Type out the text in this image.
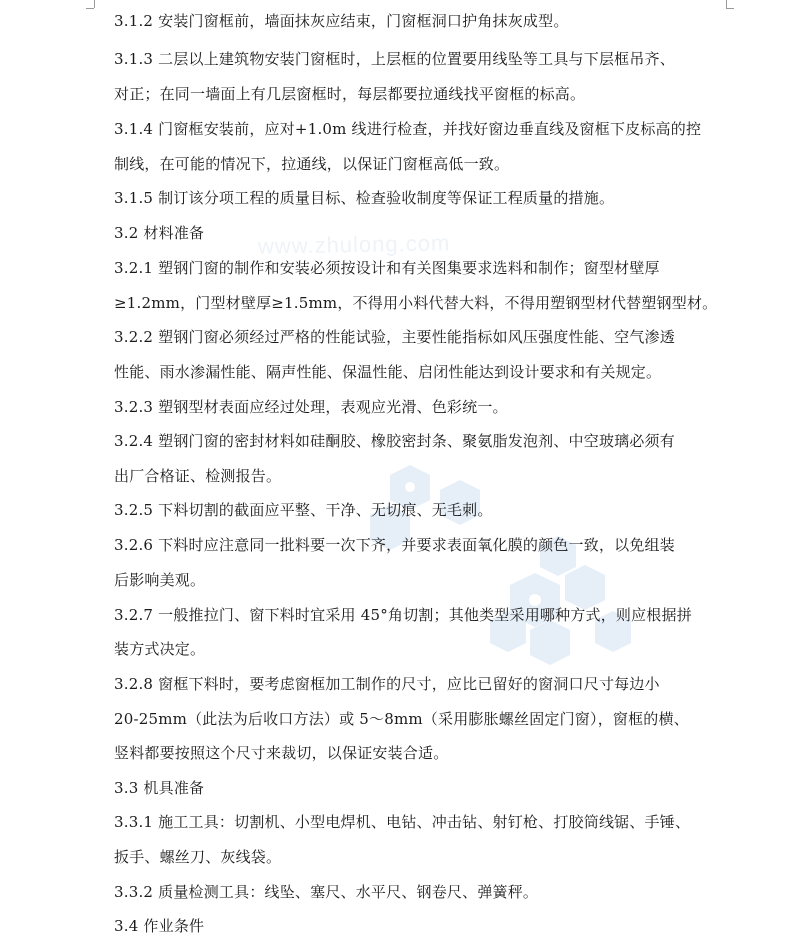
www.zhulong.com
3.1.2 安装门窗框前，墙面抹灰应结束，门窗框洞口护角抹灰成型。
3.1.3 二层以上建筑物安装门窗框时，上层框的位置要用线坠等工具与下层框吊齐、
对正；在同一墙面上有几层窗框时，每层都要拉通线找平窗框的标高。
3.1.4 门窗框安装前，应对+1.0m 线进行检查，并找好窗边垂直线及窗框下皮标高的控
制线，在可能的情况下，拉通线，以保证门窗框高低一致。
3.1.5 制订该分项工程的质量目标、检查验收制度等保证工程质量的措施。
3.2 材料准备
3.2.1 塑钢门窗的制作和安装必须按设计和有关图集要求选料和制作；窗型材壁厚
≥1.2mm，门型材壁厚≥1.5mm，不得用小料代替大料，不得用塑钢型材代替塑钢型材。
3.2.2 塑钢门窗必须经过严格的性能试验，主要性能指标如风压强度性能、空气渗透
性能、雨水渗漏性能、隔声性能、保温性能、启闭性能达到设计要求和有关规定。
3.2.3 塑钢型材表面应经过处理，表观应光滑、色彩统一。
3.2.4 塑钢门窗的密封材料如硅酮胶、橡胶密封条、聚氨脂发泡剂、中空玻璃必须有
出厂合格证、检测报告。
3.2.5 下料切割的截面应平整、干净、无切痕、无毛刺。
3.2.6 下料时应注意同一批料要一次下齐，并要求表面氧化膜的颜色一致，以免组装
后影响美观。
3.2.7 一般推拉门、窗下料时宜采用 45°角切割；其他类型采用哪种方式，则应根据拼
装方式决定。
3.2.8 窗框下料时，要考虑窗框加工制作的尺寸，应比已留好的窗洞口尺寸每边小
20-25mm（此法为后收口方法）或 5～8mm（采用膨胀螺丝固定门窗），窗框的横、
竖料都要按照这个尺寸来裁切，以保证安装合适。
3.3 机具准备
3.3.1 施工工具：切割机、小型电焊机、电钻、冲击钻、射钉枪、打胶筒线锯、手锤、
扳手、螺丝刀、灰线袋。
3.3.2 质量检测工具：线坠、塞尺、水平尺、钢卷尺、弹簧秤。
3.4 作业条件
